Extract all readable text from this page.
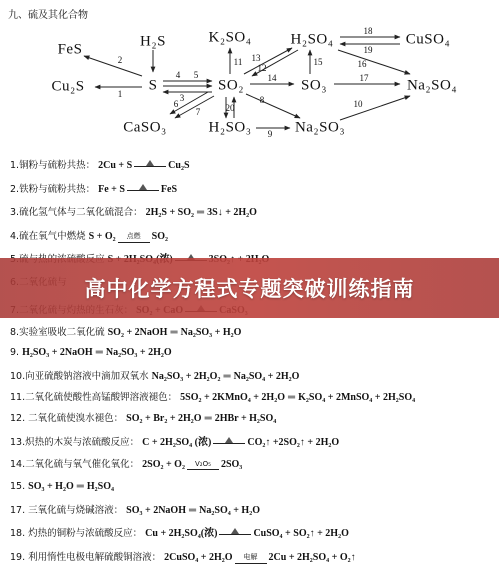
九、硫及其化合物
FeS	H₂S	K₂SO₄	H₂SO₄	CuSO₄
Cu₂S	S	SO₂	SO₃	Na₂SO₄
CaSO₃	H₂SO₃	Na₂SO₃
1
2
3
4 5
6
7
8
9
10
11
12
13
14
15	16
17
18
19
20
1.铜粉与硫粉共热： 2Cu + S	Cu₂S
2.铁粉与硫粉共热： Fe + S	FeS
3.硫化氢气体与二氧化硫混合： 2H₂S + SO₂ ═ 3S↓ + 2H₂O
4.硫在氧气中燃烧 S + O₂ 点燃 SO₂
8.实验室吸收二氧化硫 SO₂ + 2NaOH ═ Na₂SO₃ + H₂O
9. H₂SO₃ + 2NaOH ═ Na₂SO₃ + 2H₂O
10.向亚硫酸钠溶液中滴加双氧水 Na₂SO₃ + 2H₂O₂ ═ Na₂SO₄ + 2H₂O
11.二氧化硫使酸性高锰酸钾溶液褪色： 5SO₂ + 2KMnO₄ + 2H₂O ═ K₂SO₄ + 2MnSO₄ + 2H₂SO₄
12. 二氧化硫使溴水褪色： SO₂ + Br₂ + 2H₂O ═ 2HBr + H₂SO₄
13.炽热的木炭与浓硫酸反应： C + 2H₂SO₄ (浓)	CO₂↑ +2SO₂↑ + 2H₂O
14.二氧化硫与氧气催化氧化： 2SO₂ + O₂ V₂O₅ 2SO₃
15. SO₃ + H₂O ═ H₂SO₄
17. 三氧化硫与烧碱溶液： SO₃ + 2NaOH ═ Na₂SO₄ + H₂O
18. 灼热的铜粉与浓硫酸反应： Cu + 2H₂SO₄(浓)	CuSO₄ + SO₂↑ + 2H₂O
19. 利用惰性电极电解硫酸铜溶液： 2CuSO₄ + 2H₂O 电解 2Cu + 2H₂SO₄ + O₂↑
高中化学方程式专题突破训练指南
